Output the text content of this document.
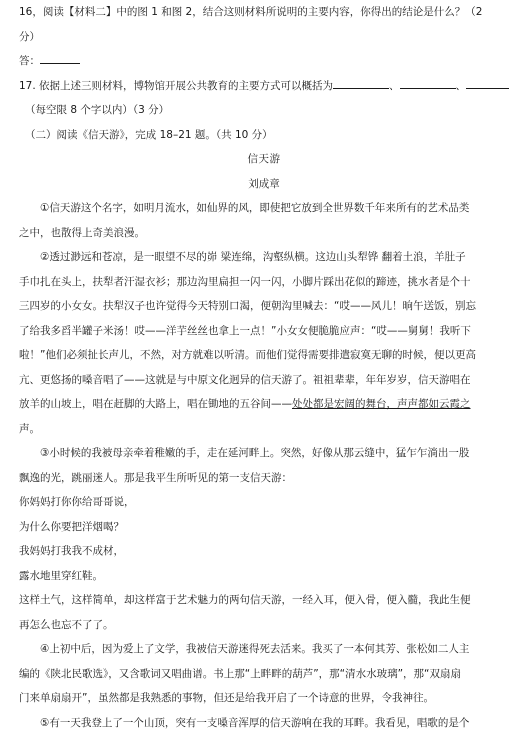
16，阅读【材料二】中的图 1 和图 2，结合这则材料所说明的主要内容，你得出的结论是什么？（2
分）
答：
17. 依据上述三则材料，博物馆开展公共教育的主要方式可以概括为	、	、
（每空限 8 个字以内）（3 分）
（二）阅读《信天游》，完成 18–21 题。（共 10 分）
信天游
刘成章
①信天游这个名字，如明月流水，如仙界的风，即使把它放到全世界数千年来所有的艺术品类
之中，也散得上奇美浪漫。
②透过渺远和苍凉，是一眼望不尽的峁 梁连绵，沟壑纵横。这边山头犁铧 翻着土浪，羊肚子
手巾扎在头上，扶犁者汗湿衣衫；那边沟里扁担一闪一闪，小脚片踩出花似的蹄迹，挑水者是个十
三四岁的小女女。扶犁汉子也许觉得今天特别口渴，便朝沟里喊去：“哎——风儿！晌午送饭，别忘
了给我多舀半罐子米汤！哎——洋芋丝丝也拿上一点！”小女女便脆脆应声：“哎——舅舅！我听下
啦！”他们必须扯长声儿，不然，对方就难以听清。而他们觉得需要排遣寂寞无聊的时候，便以更高
亢、更悠扬的嗓音唱了——这就是与中原文化迥异的信天游了。祖祖辈辈，年年岁岁，信天游唱在
放羊的山坡上，唱在赶脚的大路上，唱在锄地的五谷间——处处都是宏阔的舞台，声声都如云霞之
声。
③小时候的我被母亲牵着稚嫩的手，走在延河畔上。突然，好像从那云缝中，猛乍乍淌出一股
飘逸的光，跳丽迷人。那是我平生所听见的第一支信天游：
你妈妈打你你给哥哥说，
为什么你要把洋烟喝？
我妈妈打我我不成材，
露水地里穿红鞋。
这样土气，这样简单，却这样富于艺术魅力的两句信天游，一经入耳，便入骨，便入髓，我此生便
再怎么也忘不了了。
④上初中后，因为爱上了文学，我被信天游迷得死去活来。我买了一本何其芳、张松如二人主
编的《陕北民歌选》，又含歌词又唱曲谱。书上那“上畔畔的葫芦”，那“清水水玻璃”，那“双扇扇
门来单扇扇开”，虽然都是我熟悉的事物，但还是给我开启了一个诗意的世界，令我神往。
⑤有一天我登上了一个山顶，突有一支嗓音浑厚的信天游响在我的耳畔。我看见，唱歌的是个
